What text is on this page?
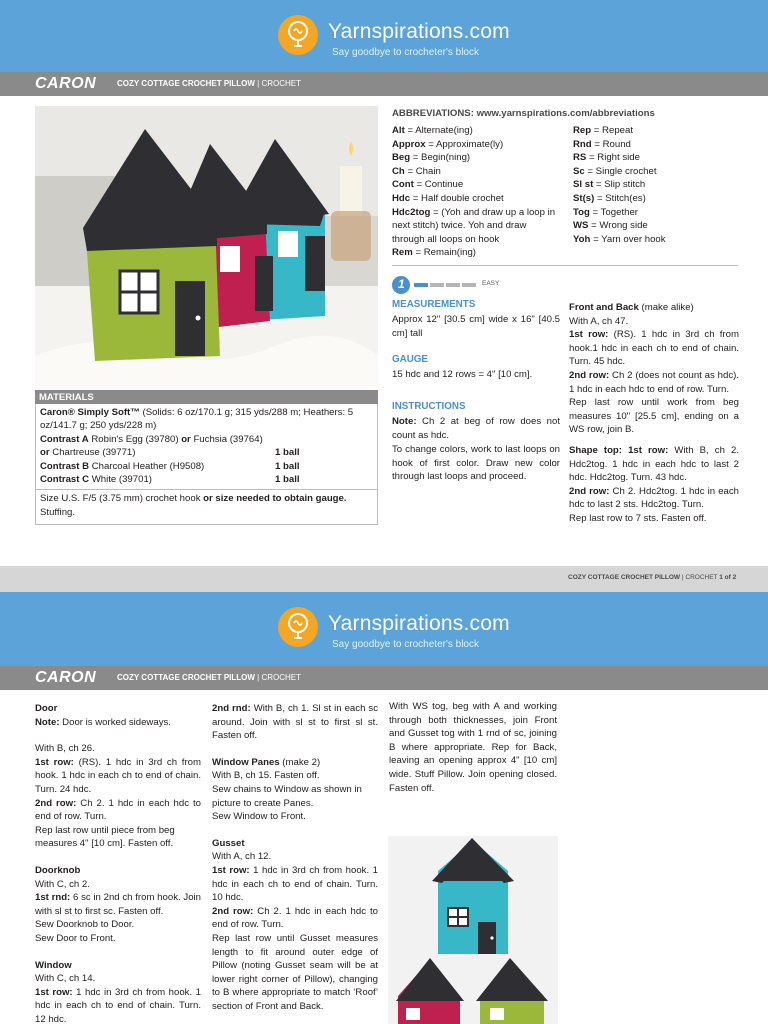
Yarnspirations.com
Say goodbye to crocheter's block
CARON	COZY COTTAGE CROCHET PILLOW | CROCHET
MATERIALS
Caron® Simply Soft™ (Solids: 6 oz/170.1 g; 315 yds/288 m; Heathers: 5 oz/141.7 g; 250 yds/228 m)
Contrast A Robin's Egg (39780) or Fuchsia (39764)
or Chartreuse (39771)	1 ball
Contrast B Charcoal Heather (H9508)	1 ball
Contrast C White (39701)	1 ball
Size U.S. F/5 (3.75 mm) crochet hook or size needed to obtain gauge.
Stuffing.
ABBREVIATIONS: www.yarnspirations.com/abbreviations
Alt = Alternate(ing)
Approx = Approximate(ly)
Beg = Begin(ning)
Ch = Chain
Cont = Continue
Hdc = Half double crochet
Hdc2tog = (Yoh and draw up a loop in next stitch) twice. Yoh and draw through all loops on hook
Rem = Remain(ing)
Rep = Repeat
Rnd = Round
RS = Right side
Sc = Single crochet
Sl st = Slip stitch
St(s) = Stitch(es)
Tog = Together
WS = Wrong side
Yoh = Yarn over hook
1	EASY
MEASUREMENTS
Approx 12" [30.5 cm] wide x 16" [40.5 cm] tall
GAUGE
15 hdc and 12 rows = 4" [10 cm].
INSTRUCTIONS
Note: Ch 2 at beg of row does not count as hdc.
To change colors, work to last loops on hook of first color. Draw new color through last loops and proceed.
Front and Back (make alike)
With A, ch 47.
1st row: (RS). 1 hdc in 3rd ch from hook.1 hdc in each ch to end of chain. Turn. 45 hdc.
2nd row: Ch 2 (does not count as hdc). 1 hdc in each hdc to end of row. Turn.
Rep last row until work from beg measures 10" [25.5 cm], ending on a WS row, join B.
Shape top: 1st row: With B, ch 2. Hdc2tog. 1 hdc in each hdc to last 2 hdc. Hdc2tog. Turn. 43 hdc.
2nd row: Ch 2. Hdc2tog. 1 hdc in each hdc to last 2 sts. Hdc2tog. Turn.
Rep last row to 7 sts. Fasten off.
COZY COTTAGE CROCHET PILLOW | CROCHET 1 of 2
Yarnspirations.com
Say goodbye to crocheter's block
CARON	COZY COTTAGE CROCHET PILLOW | CROCHET
Door
Note: Door is worked sideways.
With B, ch 26.
1st row: (RS). 1 hdc in 3rd ch from hook. 1 hdc in each ch to end of chain. Turn. 24 hdc.
2nd row: Ch 2. 1 hdc in each hdc to end of row. Turn.
Rep last row until piece from beg measures 4" [10 cm]. Fasten off.
Doorknob
With C, ch 2.
1st rnd: 6 sc in 2nd ch from hook. Join with sl st to first sc. Fasten off.
Sew Doorknob to Door.
Sew Door to Front.
Window
With C, ch 14.
1st row: 1 hdc in 3rd ch from hook. 1 hdc in each ch to end of chain. Turn. 12 hdc.
2nd rnd: With B, ch 1. Sl st in each sc around. Join with sl st to first sl st. Fasten off.
Window Panes (make 2)
With B, ch 15. Fasten off.
Sew chains to Window as shown in picture to create Panes.
Sew Window to Front.
Gusset
With A, ch 12.
1st row: 1 hdc in 3rd ch from hook. 1 hdc in each ch to end of chain. Turn. 10 hdc.
2nd row: Ch 2. 1 hdc in each hdc to end of row. Turn.
Rep last row until Gusset measures length to fit around outer edge of Pillow (noting Gusset seam will be at lower right corner of Pillow), changing to B where appropriate to match ‘Roof’ section of Front and Back.
With WS tog, beg with A and working through both thicknesses, join Front and Gusset tog with 1 rnd of sc, joining B where appropriate. Rep for Back, leaving an opening approx 4" [10 cm] wide. Stuff Pillow. Join opening closed. Fasten off.
